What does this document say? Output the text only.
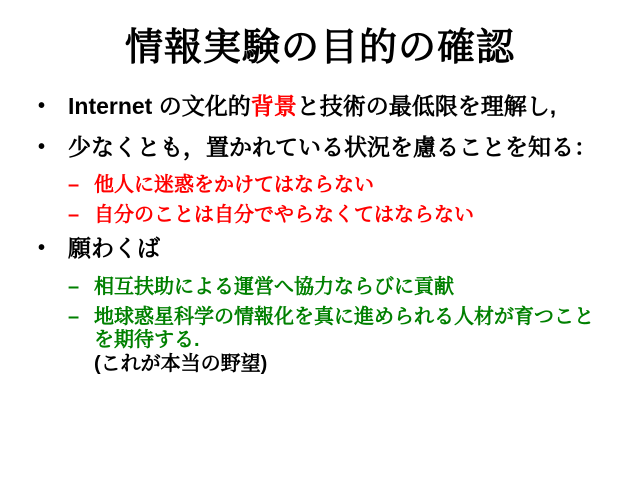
情報実験の目的の確認
• Internet の文化的背景と技術の最低限を理解し,
• 少なくとも，置かれている状況を慮ることを知る：
– 他人に迷惑をかけてはならない
– 自分のことは自分でやらなくてはならない
• 願わくば
– 相互扶助による運営へ協力ならびに貢献
– 地球惑星科学の情報化を真に進められる人材が育つことを期待する.
(これが本当の野望)
